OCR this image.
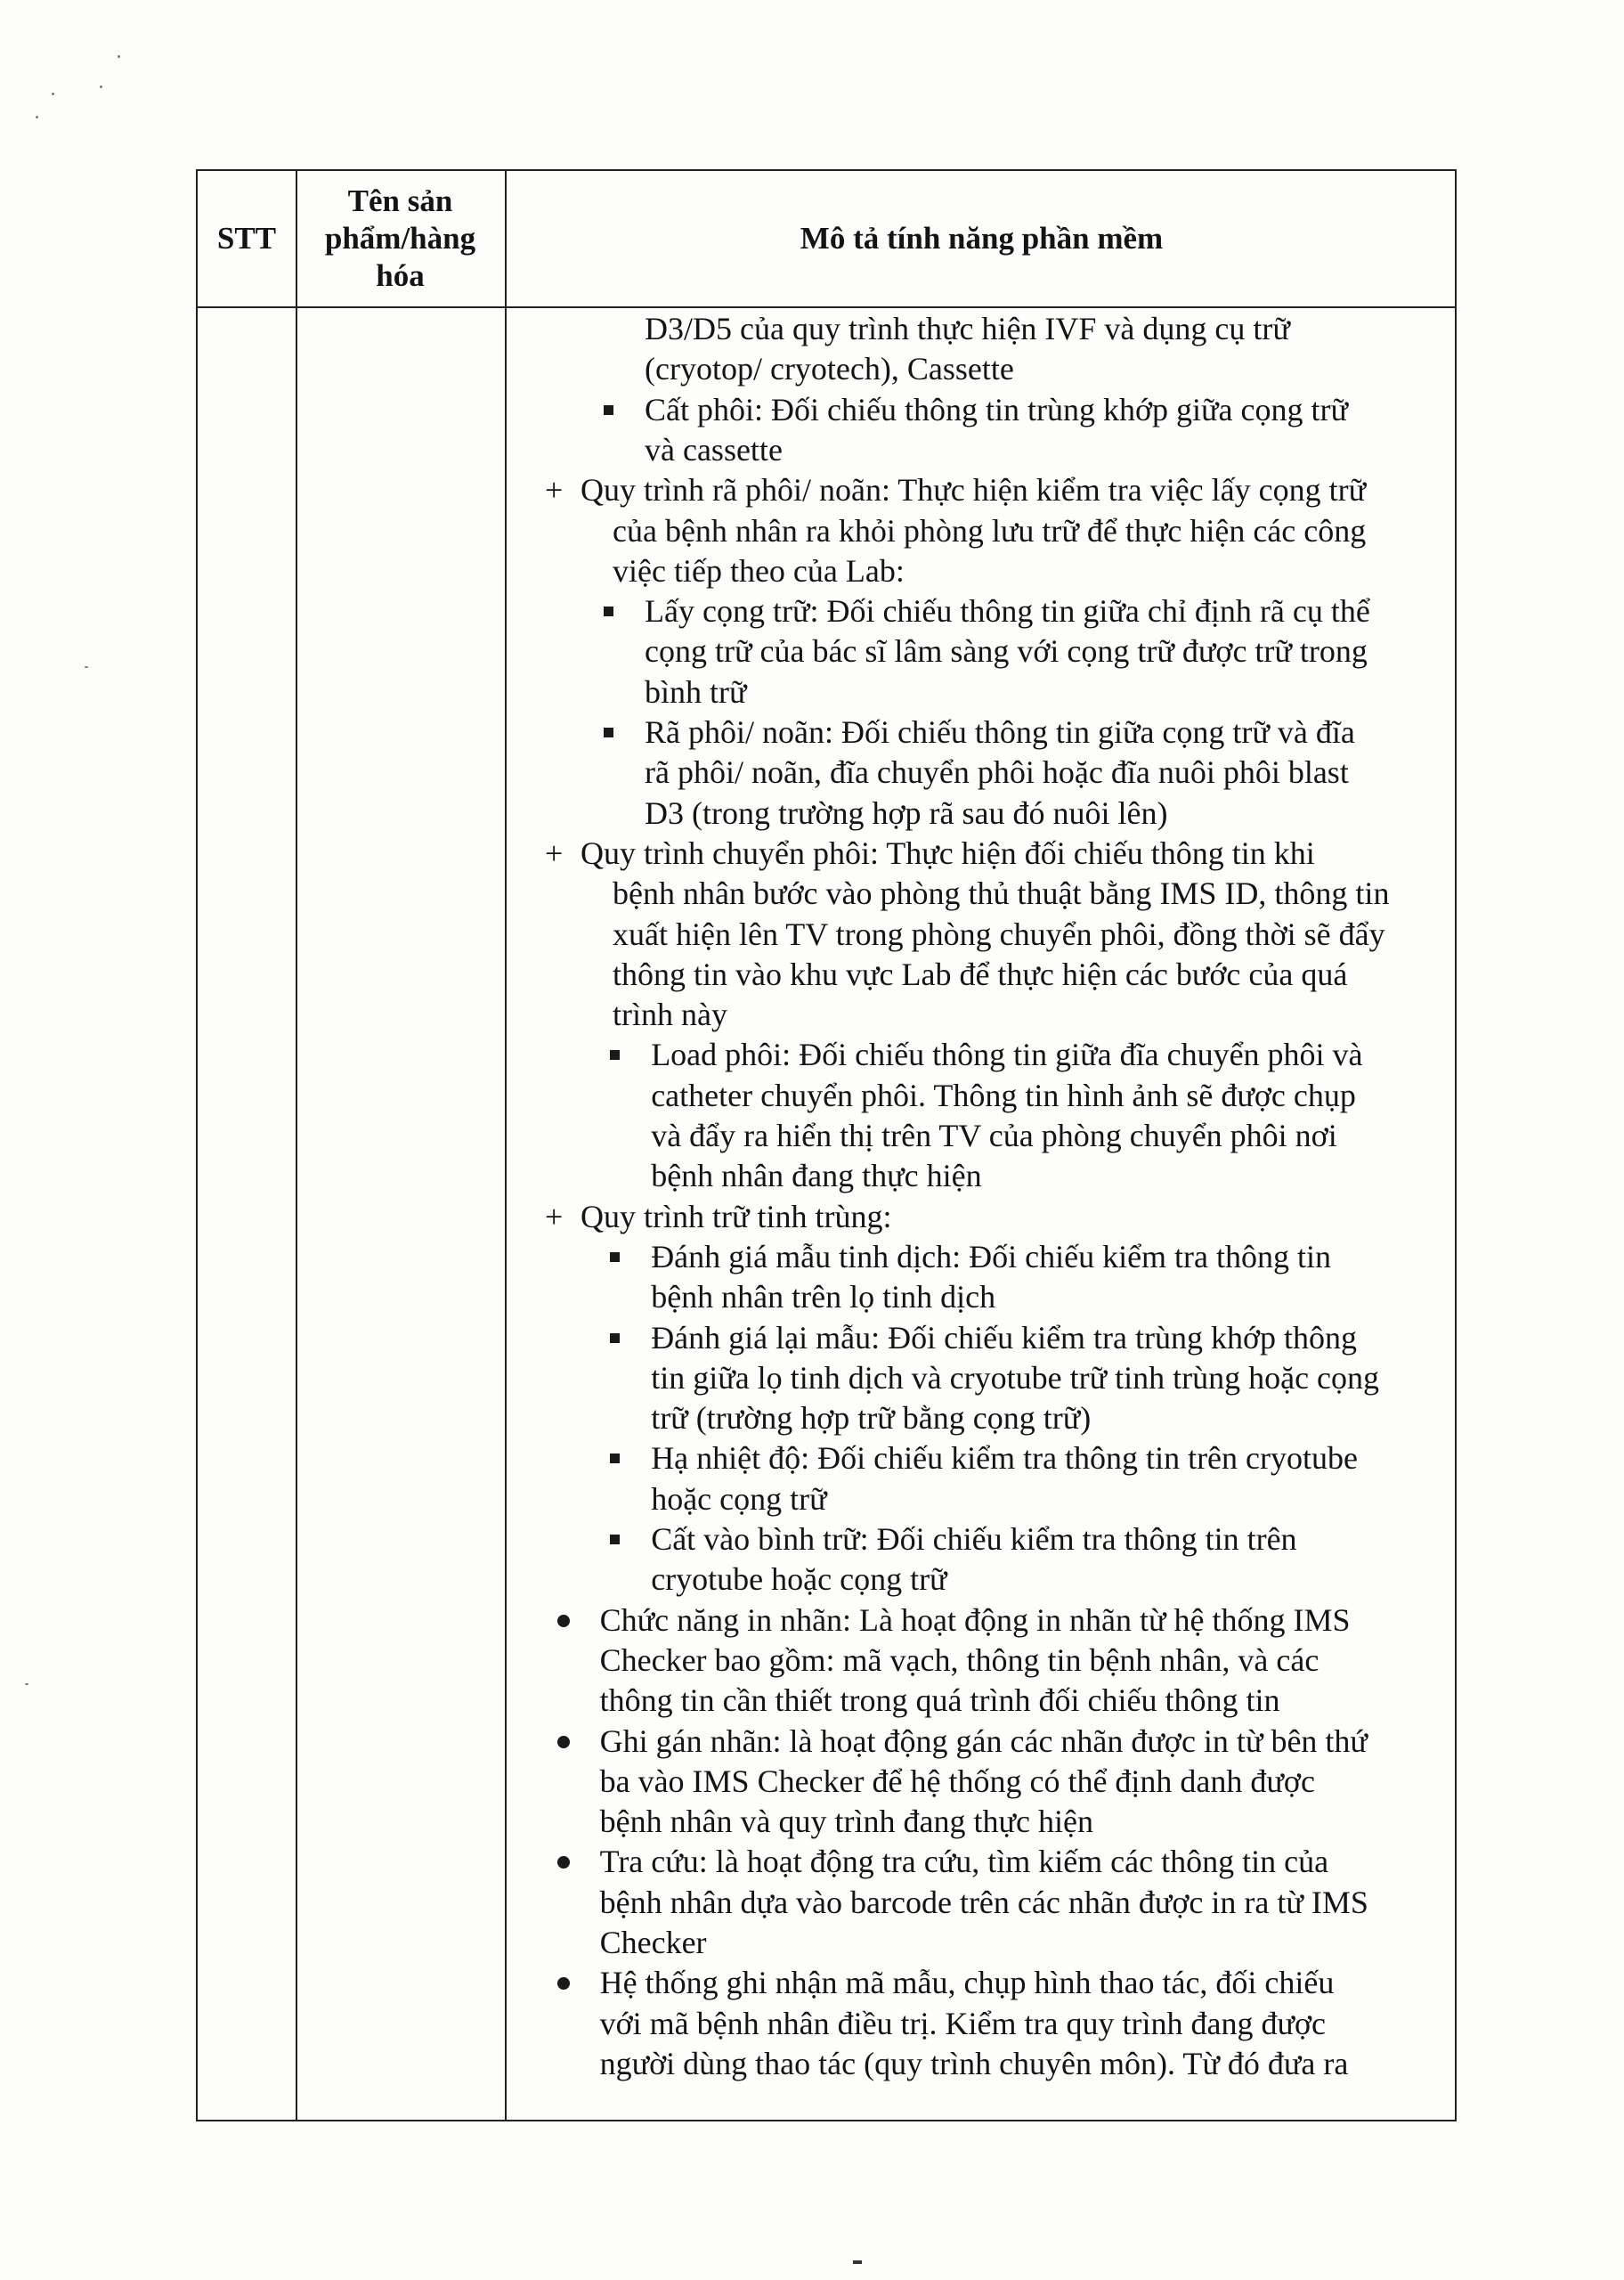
STT
Tên sản
phẩm/hàng
hóa
Mô tả tính năng phần mềm
D3/D5 của quy trình thực hiện IVF và dụng cụ trữ
(cryotop/ cryotech), Cassette
Cất phôi: Đối chiếu thông tin trùng khớp giữa cọng trữ
và cassette
Quy trình rã phôi/ noãn: Thực hiện kiểm tra việc lấy cọng trữ
+
của bệnh nhân ra khỏi phòng lưu trữ để thực hiện các công
việc tiếp theo của Lab:
Lấy cọng trữ: Đối chiếu thông tin giữa chỉ định rã cụ thể
cọng trữ của bác sĩ lâm sàng với cọng trữ được trữ trong
bình trữ
Rã phôi/ noãn: Đối chiếu thông tin giữa cọng trữ và đĩa
rã phôi/ noãn, đĩa chuyển phôi hoặc đĩa nuôi phôi blast
D3 (trong trường hợp rã sau đó nuôi lên)
Quy trình chuyển phôi: Thực hiện đối chiếu thông tin khi
+
bệnh nhân bước vào phòng thủ thuật bằng IMS ID, thông tin
xuất hiện lên TV trong phòng chuyển phôi, đồng thời sẽ đẩy
thông tin vào khu vực Lab để thực hiện các bước của quá
trình này
Load phôi: Đối chiếu thông tin giữa đĩa chuyển phôi và
catheter chuyển phôi. Thông tin hình ảnh sẽ được chụp
và đẩy ra hiển thị trên TV của phòng chuyển phôi nơi
bệnh nhân đang thực hiện
Quy trình trữ tinh trùng:
+
Đánh giá mẫu tinh dịch: Đối chiếu kiểm tra thông tin
bệnh nhân trên lọ tinh dịch
Đánh giá lại mẫu: Đối chiếu kiểm tra trùng khớp thông
tin giữa lọ tinh dịch và cryotube trữ tinh trùng hoặc cọng
trữ (trường hợp trữ bằng cọng trữ)
Hạ nhiệt độ: Đối chiếu kiểm tra thông tin trên cryotube
hoặc cọng trữ
Cất vào bình trữ: Đối chiếu kiểm tra thông tin trên
cryotube hoặc cọng trữ
Chức năng in nhãn: Là hoạt động in nhãn từ hệ thống IMS
Checker bao gồm: mã vạch, thông tin bệnh nhân, và các
thông tin cần thiết trong quá trình đối chiếu thông tin
Ghi gán nhãn: là hoạt động gán các nhãn được in từ bên thứ
ba vào IMS Checker để hệ thống có thể định danh được
bệnh nhân và quy trình đang thực hiện
Tra cứu: là hoạt động tra cứu, tìm kiếm các thông tin của
bệnh nhân dựa vào barcode trên các nhãn được in ra từ IMS
Checker
Hệ thống ghi nhận mã mẫu, chụp hình thao tác, đối chiếu
với mã bệnh nhân điều trị. Kiểm tra quy trình đang được
người dùng thao tác (quy trình chuyên môn). Từ đó đưa ra
